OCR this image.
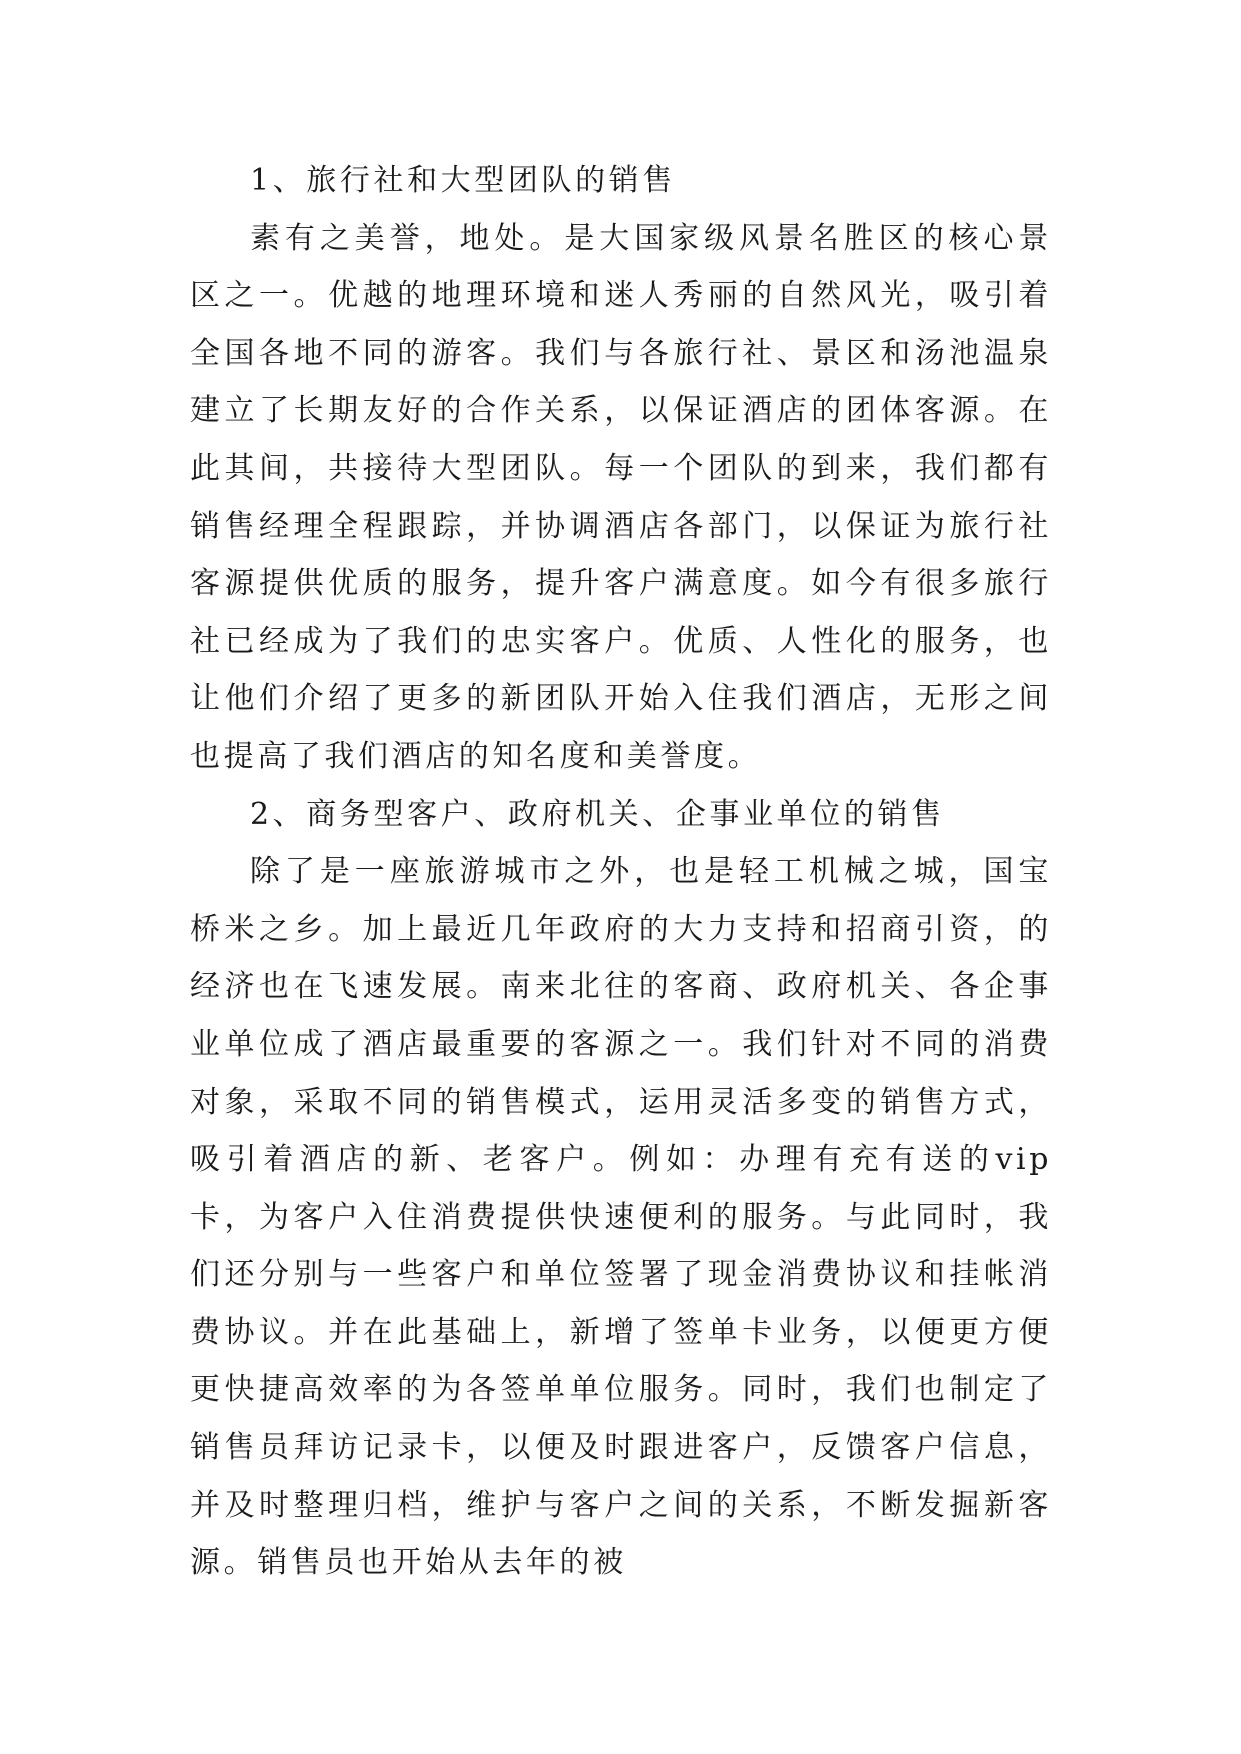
1、旅行社和大型团队的销售

素有之美誉，地处。是大国家级风景名胜区的核心景区之一。优越的地理环境和迷人秀丽的自然风光，吸引着全国各地不同的游客。我们与各旅行社、景区和汤池温泉建立了长期友好的合作关系，以保证酒店的团体客源。在此其间，共接待大型团队。每一个团队的到来，我们都有销售经理全程跟踪，并协调酒店各部门，以保证为旅行社客源提供优质的服务，提升客户满意度。如今有很多旅行社已经成为了我们的忠实客户。优质、人性化的服务，也让他们介绍了更多的新团队开始入住我们酒店，无形之间也提高了我们酒店的知名度和美誉度。

2、商务型客户、政府机关、企事业单位的销售

除了是一座旅游城市之外，也是轻工机械之城，国宝桥米之乡。加上最近几年政府的大力支持和招商引资，的经济也在飞速发展。南来北往的客商、政府机关、各企事业单位成了酒店最重要的客源之一。我们针对不同的消费对象，采取不同的销售模式，运用灵活多变的销售方式，吸引着酒店的新、老客户。例如：办理有充有送的vip卡，为客户入住消费提供快速便利的服务。与此同时，我们还分别与一些客户和单位签署了现金消费协议和挂帐消费协议。并在此基础上，新增了签单卡业务，以便更方便更快捷高效率的为各签单单位服务。同时，我们也制定了销售员拜访记录卡，以便及时跟进客户，反馈客户信息，并及时整理归档，维护与客户之间的关系，不断发掘新客源。销售员也开始从去年的被
